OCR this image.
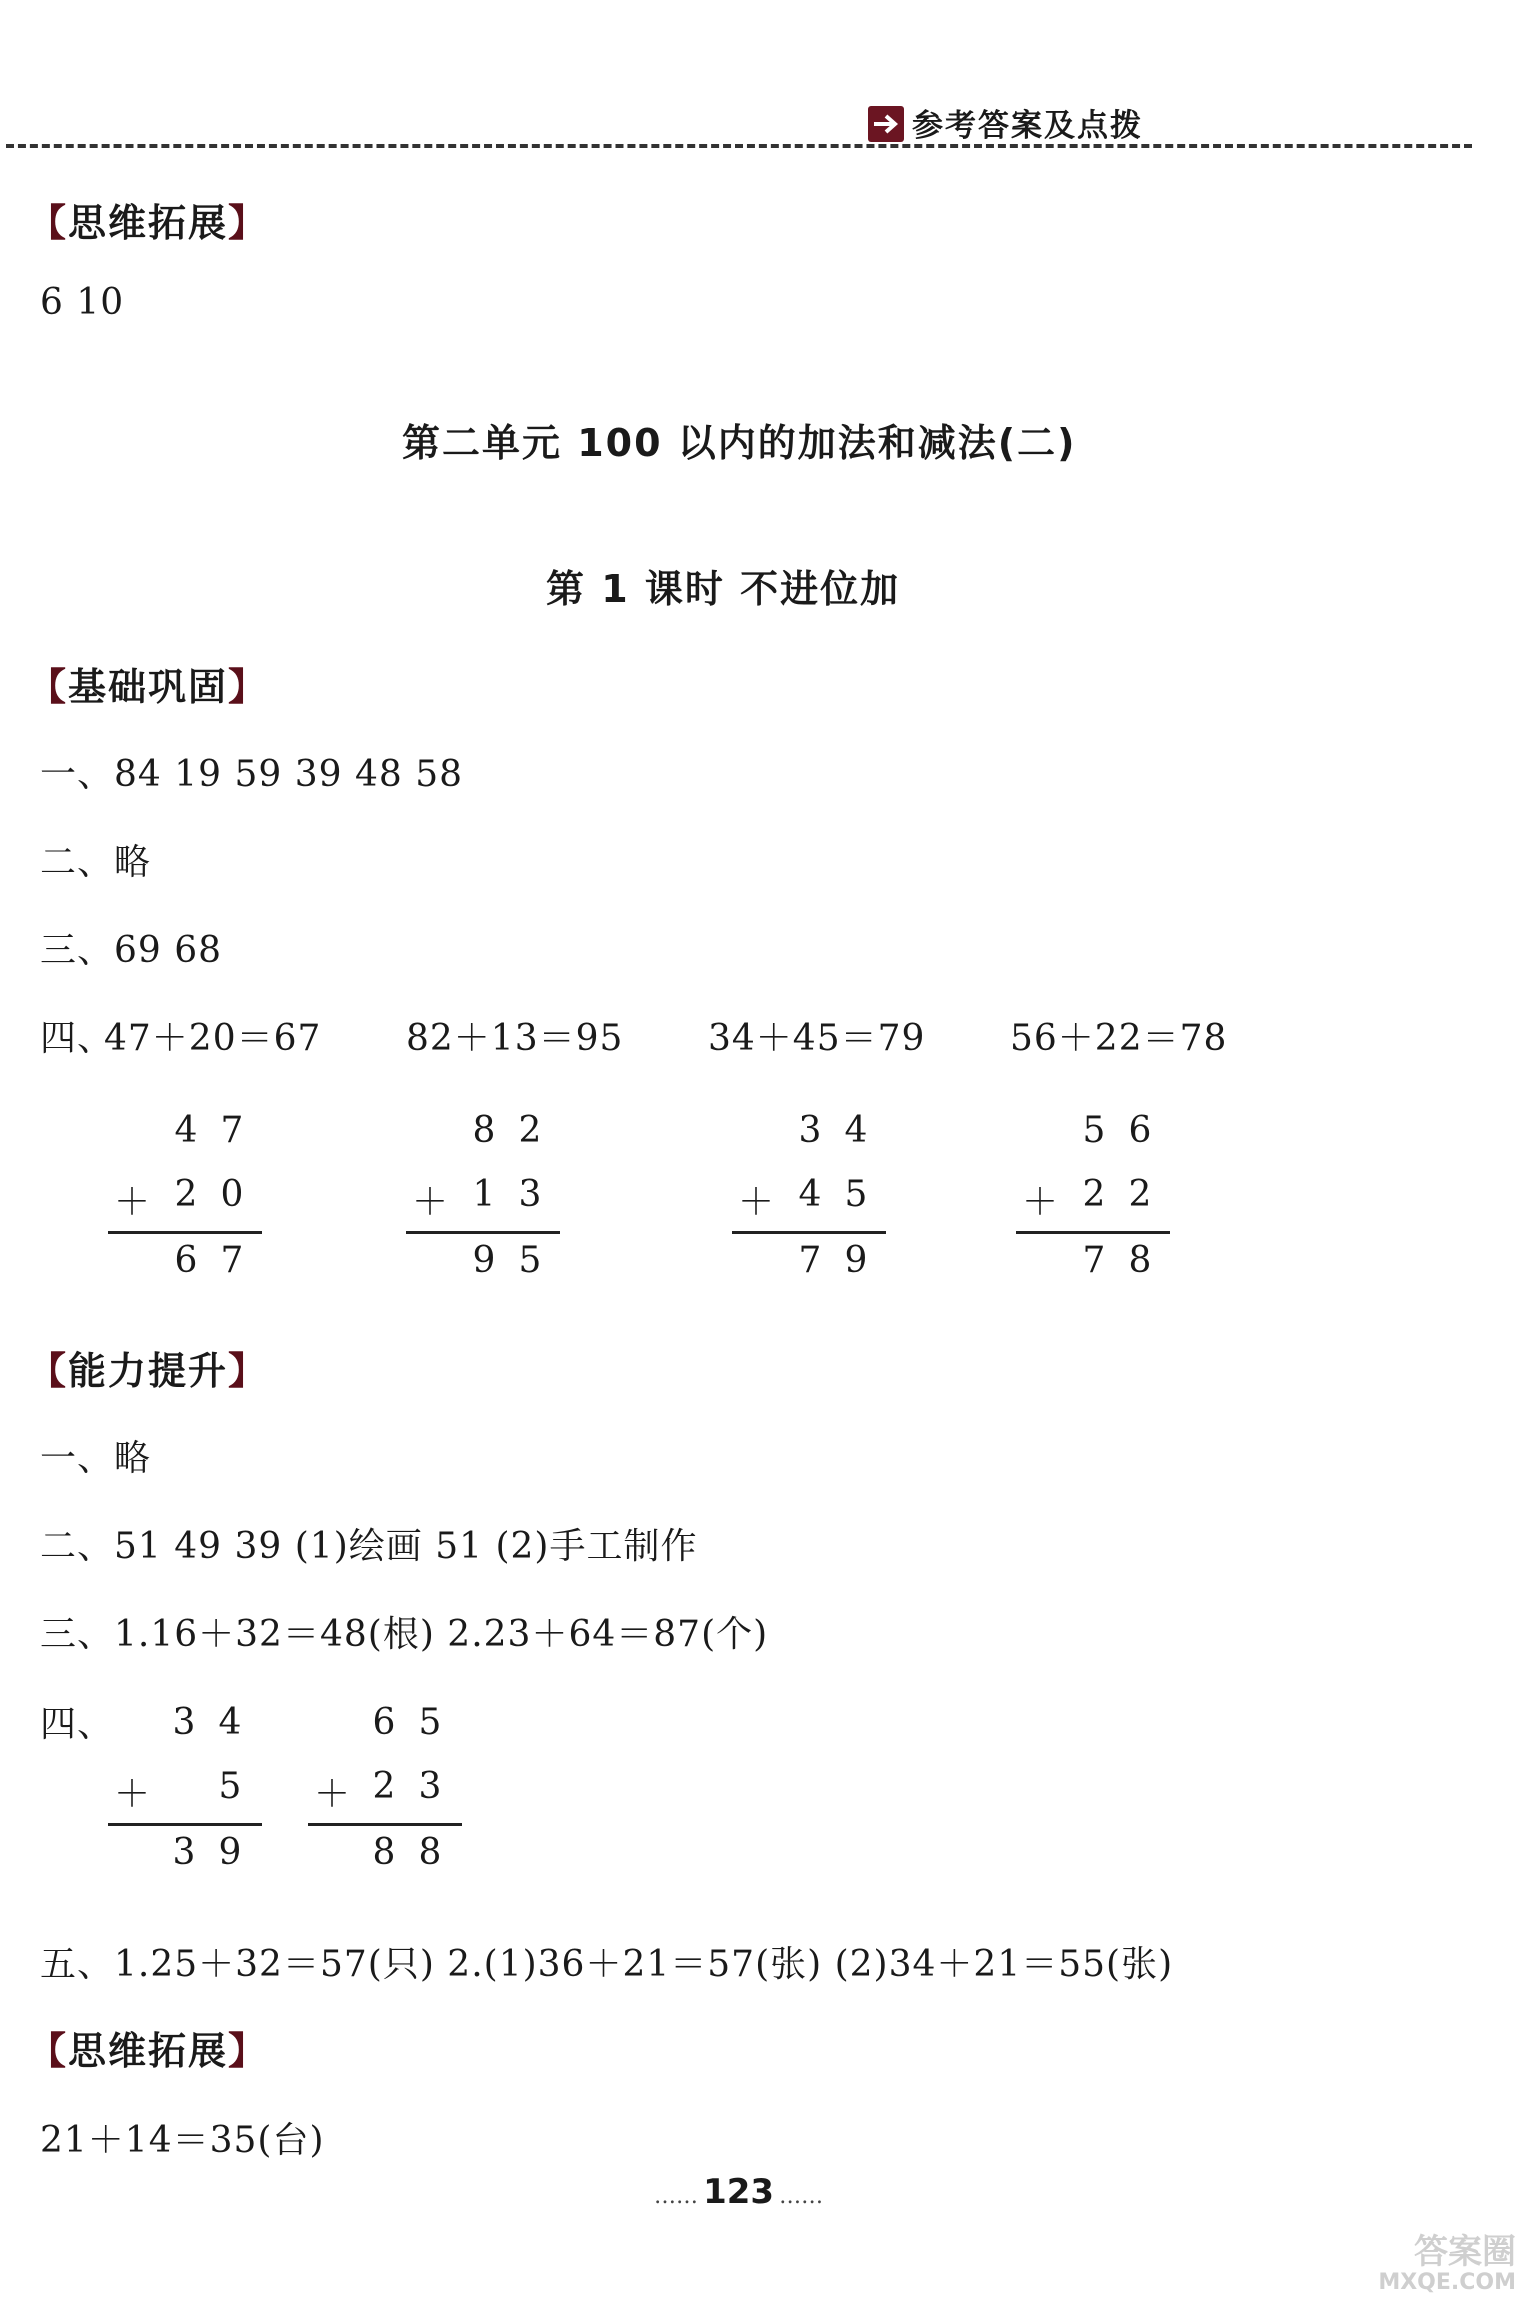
参考答案及点拨
【思维拓展】
6 10
第二单元 100 以内的加法和减法(二)
第 1 课时 不进位加
【基础巩固】
一、84 19 59 39 48 58
二、略
三、69 68
四、
47＋20＝67 82＋13＝95 34＋45＝79 56＋22＝78
4 7
＋ 2 0
6 7
8 2
＋ 1 3
9 5
3 4
＋ 4 5
7 9
5 6
＋ 2 2
7 8
【能力提升】
一、略
二、51 49 39 (1)绘画 51 (2)手工制作
三、1.16＋32＝48(根) 2.23＋64＝87(个)
四、 3 4
＋ 5
3 9
6 5
＋ 2 3
8 8
五、1.25＋32＝57(只) 2.(1)36＋21＝57(张) (2)34＋21＝55(张)
【思维拓展】
21＋14＝35(台)
…… 123 ……
答案圈
MXQE.COM
